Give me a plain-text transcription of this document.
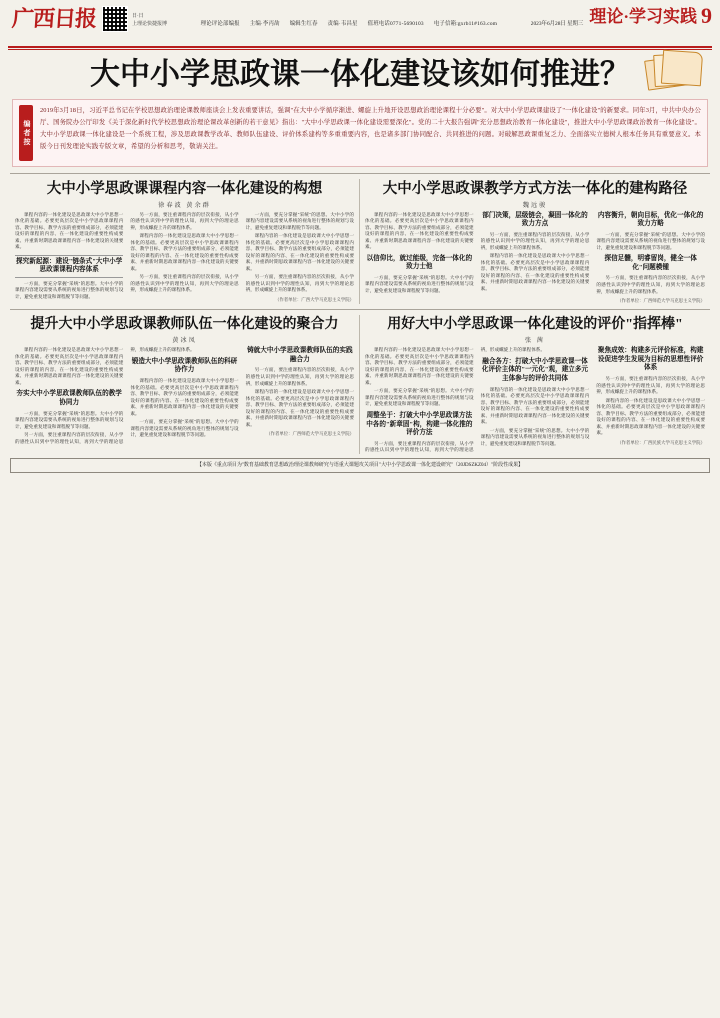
广西日报	日·日
上理论快捷报博	理论评论部编报 主编·李丙劼 编辑生红春 责编·韦昌星 值班电话0771-5690103 电子信箱:gxrb11#163.com	2023年6月28日 星期三 理论·学习实践 9
大中小学思政课一体化建设该如何推进？
编者按
2019年3月18日，习近平总书记在学校思想政治理论课教师座谈会上发表重要讲话，强调"在大中小学循序渐进、螺旋上升地开设思想政治理论课程十分必要"。对大中小学思政课建设了"一体化建设"的新要求。同年3月，中共中央办公厅、国务院办公厅印发《关于深化新时代学校思想政治理论课改革创新的若干意见》指出："大中小学思政课一体化建设需要深化"。党的二十大报告强调"充分思想政治教育一体化建设"，推进大中小学思政课政治教育一体化建设"。大中小学思政课一体化建设是一个系统工程，涉及思政课教学改革、教师队伍建设、评价体系建构等多重重要内容，也是诸多部门协同配合、共同推进的问题。对破解思政课重复乏力、全面落实立德树人根本任务具有重要意义。本版今日刊发理论实践专版文章，希望的分析和思考，敬请关注。
大中小学思政课课程内容一体化建设的构想
徐春波 黄余群

课程内容的一体化建设是思政课大中小学思想一体化的基础。必要更高层次是中小学思政课课程内容、教学目标、教学方法的重要组成部分，必须能建设好的课程的内容、在一体化建设的重要性构成要素、并重新时期思政课课程内容一体化建设的关键要素。

探究新起源：建设"链条式"大中小学思政课课程内容体系

一方面，要充分掌握"采统"的思想。大中小学的课程内容建设需要从系统的视角进行整体的规划与设计，避免重复建设和课程脱节等问题。

另一方面，要注重课程内容的层次衔接，从小学的感性认识到中学的理性认知，再到大学的理论思辨，形成螺旋上升的课程体系。

课程内容的一体化建设是思政课大中小学思想一体化的基础。必要更高层次是中小学思政课课程内容、教学目标、教学方法的重要组成部分，必须能建设好的课程的内容、在一体化建设的重要性构成要素、并重新时期思政课课程内容一体化建设的关键要素。

另一方面，要注重课程内容的层次衔接，从小学的感性认识到中学的理性认知，再到大学的理论思辨，形成螺旋上升的课程体系。

一方面，要充分掌握"采统"的思想。大中小学的课程内容建设需要从系统的视角进行整体的规划与设计，避免重复建设和课程脱节等问题。

课程内容的一体化建设是思政课大中小学思想一体化的基础。必要更高层次是中小学思政课课程内容、教学目标、教学方法的重要组成部分，必须能建设好的课程的内容、在一体化建设的重要性构成要素、并重新时期思政课课程内容一体化建设的关键要素。

另一方面，要注重课程内容的层次衔接，从小学的感性认识到中学的理性认知，再到大学的理论思辨，形成螺旋上升的课程体系。

（作者单位：广西大学马克思主义学院）

大中小学思政课教学方式方法一体化的建构路径
魏远骏

课程内容的一体化建设是思政课大中小学思想一体化的基础。必要更高层次是中小学思政课课程内容、教学目标、教学方法的重要组成部分，必须能建设好的课程的内容、在一体化建设的重要性构成要素、并重新时期思政课课程内容一体化建设的关键要素。

以信仰比，就过能级，完备一体化的致力士他

一方面，要充分掌握"采统"的思想。大中小学的课程内容建设需要从系统的视角进行整体的规划与设计，避免重复建设和课程脱节等问题。

部门决策，层级链会，凝固一体化的致力方点

另一方面，要注重课程内容的层次衔接，从小学的感性认识到中学的理性认知，再到大学的理论思辨，形成螺旋上升的课程体系。

课程内容的一体化建设是思政课大中小学思想一体化的基础。必要更高层次是中小学思政课课程内容、教学目标、教学方法的重要组成部分，必须能建设好的课程的内容、在一体化建设的重要性构成要素、并重新时期思政课课程内容一体化建设的关键要素。

内容衡升，朝向目标，优化一体化的致力方略

一方面，要充分掌握"采统"的思想。大中小学的课程内容建设需要从系统的视角进行整体的规划与设计，避免重复建设和课程脱节等问题。

探信足髓，明睿留岗，健全一体化"问题模锺

另一方面，要注重课程内容的层次衔接，从小学的感性认识到中学的理性认知，再到大学的理论思辨，形成螺旋上升的课程体系。

（作者单位：广西师范大学马克思主义学院）

提升大中小学思政课教师队伍一体化建设的聚合力
黄冰凤

课程内容的一体化建设是思政课大中小学思想一体化的基础。必要更高层次是中小学思政课课程内容、教学目标、教学方法的重要组成部分，必须能建设好的课程的内容、在一体化建设的重要性构成要素、并重新时期思政课课程内容一体化建设的关键要素。

夯实大中小学思政课教师队伍的教学协同力

一方面，要充分掌握"采统"的思想。大中小学的课程内容建设需要从系统的视角进行整体的规划与设计，避免重复建设和课程脱节等问题。

另一方面，要注重课程内容的层次衔接，从小学的感性认识到中学的理性认知，再到大学的理论思辨，形成螺旋上升的课程体系。

锻造大中小学思政课教师队伍的科研协作力

课程内容的一体化建设是思政课大中小学思想一体化的基础。必要更高层次是中小学思政课课程内容、教学目标、教学方法的重要组成部分，必须能建设好的课程的内容、在一体化建设的重要性构成要素、并重新时期思政课课程内容一体化建设的关键要素。

一方面，要充分掌握"采统"的思想。大中小学的课程内容建设需要从系统的视角进行整体的规划与设计，避免重复建设和课程脱节等问题。

铸就大中小学思政课教师队伍的实践融合力

另一方面，要注重课程内容的层次衔接，从小学的感性认识到中学的理性认知，再到大学的理论思辨，形成螺旋上升的课程体系。

课程内容的一体化建设是思政课大中小学思想一体化的基础。必要更高层次是中小学思政课课程内容、教学目标、教学方法的重要组成部分，必须能建设好的课程的内容、在一体化建设的重要性构成要素、并重新时期思政课课程内容一体化建设的关键要素。

（作者单位：广西师范大学马克思主义学院）

用好大中小学思政课一体化建设的评价"指挥棒"
张 茜

课程内容的一体化建设是思政课大中小学思想一体化的基础。必要更高层次是中小学思政课课程内容、教学目标、教学方法的重要组成部分，必须能建设好的课程的内容、在一体化建设的重要性构成要素、并重新时期思政课课程内容一体化建设的关键要素。

一方面，要充分掌握"采统"的思想。大中小学的课程内容建设需要从系统的视角进行整体的规划与设计，避免重复建设和课程脱节等问题。

周整坐于：打破大中小学思政课方法中各的"新章固"构，构建一体化推的评价方法

另一方面，要注重课程内容的层次衔接，从小学的感性认识到中学的理性认知，再到大学的理论思辨，形成螺旋上升的课程体系。

融合各方：打破大中小学思政课一体化评价主体的"一元化"观，建立多元主体参与的评价共同体

课程内容的一体化建设是思政课大中小学思想一体化的基础。必要更高层次是中小学思政课课程内容、教学目标、教学方法的重要组成部分，必须能建设好的课程的内容、在一体化建设的重要性构成要素、并重新时期思政课课程内容一体化建设的关键要素。

一方面，要充分掌握"采统"的思想。大中小学的课程内容建设需要从系统的视角进行整体的规划与设计，避免重复建设和课程脱节等问题。

聚焦成效：构建多元评价标准，构建设促进学生发展为目标的思想性评价体系

另一方面，要注重课程内容的层次衔接，从小学的感性认识到中学的理性认知，再到大学的理论思辨，形成螺旋上升的课程体系。

课程内容的一体化建设是思政课大中小学思想一体化的基础。必要更高层次是中小学思政课课程内容、教学目标、教学方法的重要组成部分，必须能建设好的课程的内容、在一体化建设的重要性构成要素、并重新时期思政课课程内容一体化建设的关键要素。

（作者单位：广西民族大学马克思主义学院）

【本版《重点项目为"数育基础教育思想政治理论课教师研究与语重大课题攻关项目"大中小学思政课一体化建设研究"（20JDSZKZ04）"阶段性成果】
